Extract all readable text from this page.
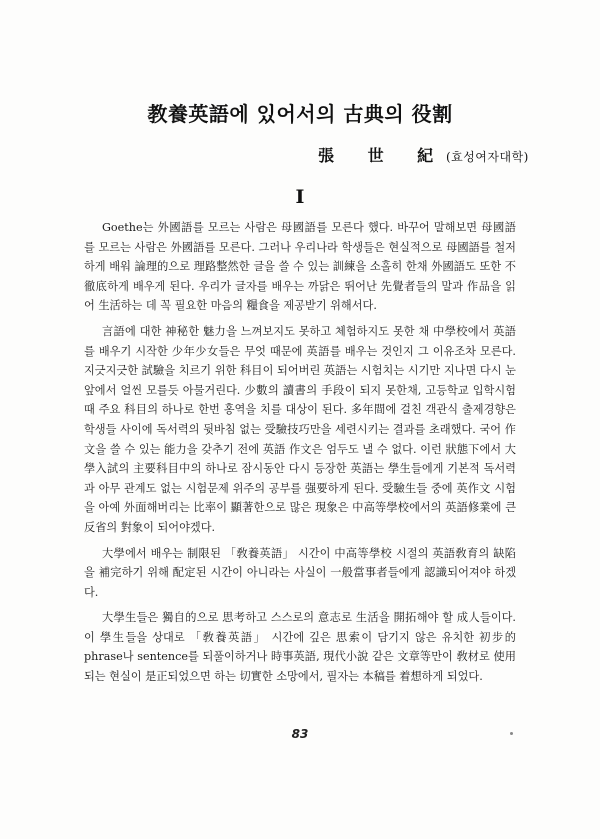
教養英語에 있어서의 古典의 役割
張 世 紀 (효성여자대학)
I

Goethe는 外國語를 모르는 사람은 母國語를 모른다 했다. 바꾸어 말해보면 母國語를 모르는 사람은 外國語를 모른다. 그러나 우리나라 학생들은 현실적으로 母國語를 철저하게 배워 論理的으로 理路整然한 글을 쓸 수 있는 訓練을 소홀히 한채 外國語도 또한 不徹底하게 배우게 된다. 우리가 글자를 배우는 까닭은 뛰어난 先覺者들의 말과 作品을 읽어 生活하는 데 꼭 필요한 마음의 糧食을 제공받기 위해서다.

言語에 대한 神秘한 魅力을 느껴보지도 못하고 체험하지도 못한 채 中學校에서 英語를 배우기 시작한 少年少女들은 무엇 때문에 英語를 배우는 것인지 그 이유조차 모른다. 지긋지긋한 試驗을 치르기 위한 科目이 되어버린 英語는 시험치는 시기만 지나면 다시 눈앞에서 얼씬 모를듯 아물거린다. 少數의 讀書의 手段이 되지 못한채, 고등학교 입학시험 때 주요 科目의 하나로 한번 홍역을 치를 대상이 된다. 多年間에 걸친 객관식 출제경향은 학생들 사이에 독서력의 뒷바침 없는 受驗技巧만을 세련시키는 결과를 초래했다. 국어 作文을 쓸 수 있는 能力을 갖추기 전에 英語 作文은 엄두도 낼 수 없다. 이런 狀態下에서 大學入試의 主要科目中의 하나로 잠시동안 다시 등장한 英語는 學生들에게 기본적 독서력과 아무 관계도 없는 시험문제 위주의 공부를 强要하게 된다. 受驗生들 중에 英作文 시험을 아예 外面해버리는 比率이 顯著한으로 많은 現象은 中高等學校에서의 英語修業에 큰 反省의 對象이 되어야겠다.

大學에서 배우는 制限된 「敎養英語」 시간이 中高等學校 시절의 英語敎育의 缺陷을 補完하기 위해 配定된 시간이 아니라는 사실이 一般當事者들에게 認識되어져야 하겠다.

大學生들은 獨自的으로 思考하고 스스로의 意志로 生活을 開拓해야 할 成人들이다. 이 學生들을 상대로 「敎養英語」 시간에 깊은 思索이 담기지 않은 유치한 初步的 phrase나 sentence를 되풀이하거나 時事英語, 現代小說 같은 文章等만이 敎材로 使用되는 현실이 是正되었으면 하는 切實한 소망에서, 필자는 本稿를 着想하게 되었다.

83
